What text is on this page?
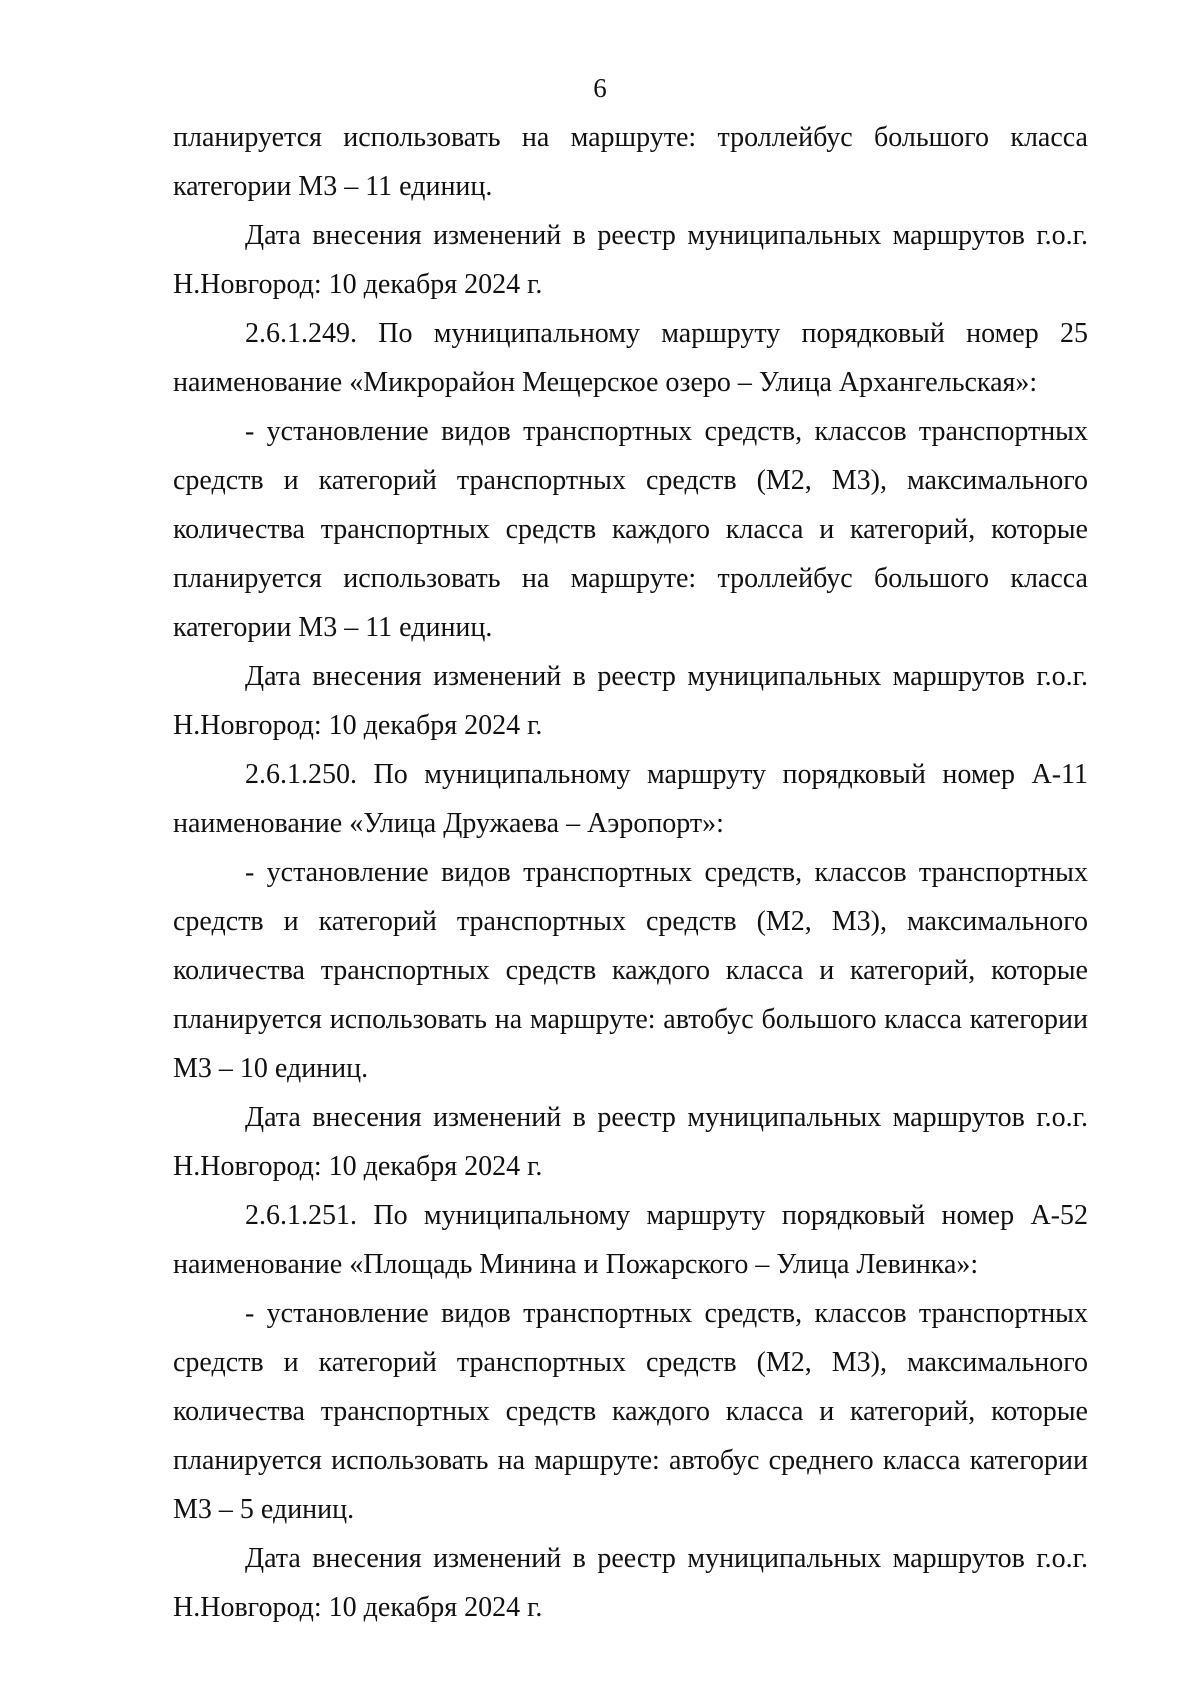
6

планируется использовать на маршруте: троллейбус большого класса категории М3 – 11 единиц.

Дата внесения изменений в реестр муниципальных маршрутов г.о.г. Н.Новгород: 10 декабря 2024 г.

2.6.1.249. По муниципальному маршруту порядковый номер 25 наименование «Микрорайон Мещерское озеро – Улица Архангельская»:

- установление видов транспортных средств, классов транспортных средств и категорий транспортных средств (М2, М3), максимального количества транспортных средств каждого класса и категорий, которые планируется использовать на маршруте: троллейбус большого класса категории М3 – 11 единиц.

Дата внесения изменений в реестр муниципальных маршрутов г.о.г. Н.Новгород: 10 декабря 2024 г.

2.6.1.250. По муниципальному маршруту порядковый номер А-11 наименование «Улица Дружаева – Аэропорт»:

- установление видов транспортных средств, классов транспортных средств и категорий транспортных средств (М2, М3), максимального количества транспортных средств каждого класса и категорий, которые планируется использовать на маршруте: автобус большого класса категории М3 – 10 единиц.

Дата внесения изменений в реестр муниципальных маршрутов г.о.г. Н.Новгород: 10 декабря 2024 г.

2.6.1.251. По муниципальному маршруту порядковый номер А-52 наименование «Площадь Минина и Пожарского – Улица Левинка»:

- установление видов транспортных средств, классов транспортных средств и категорий транспортных средств (М2, М3), максимального количества транспортных средств каждого класса и категорий, которые планируется использовать на маршруте: автобус среднего класса категории М3 – 5 единиц.

Дата внесения изменений в реестр муниципальных маршрутов г.о.г. Н.Новгород: 10 декабря 2024 г.
